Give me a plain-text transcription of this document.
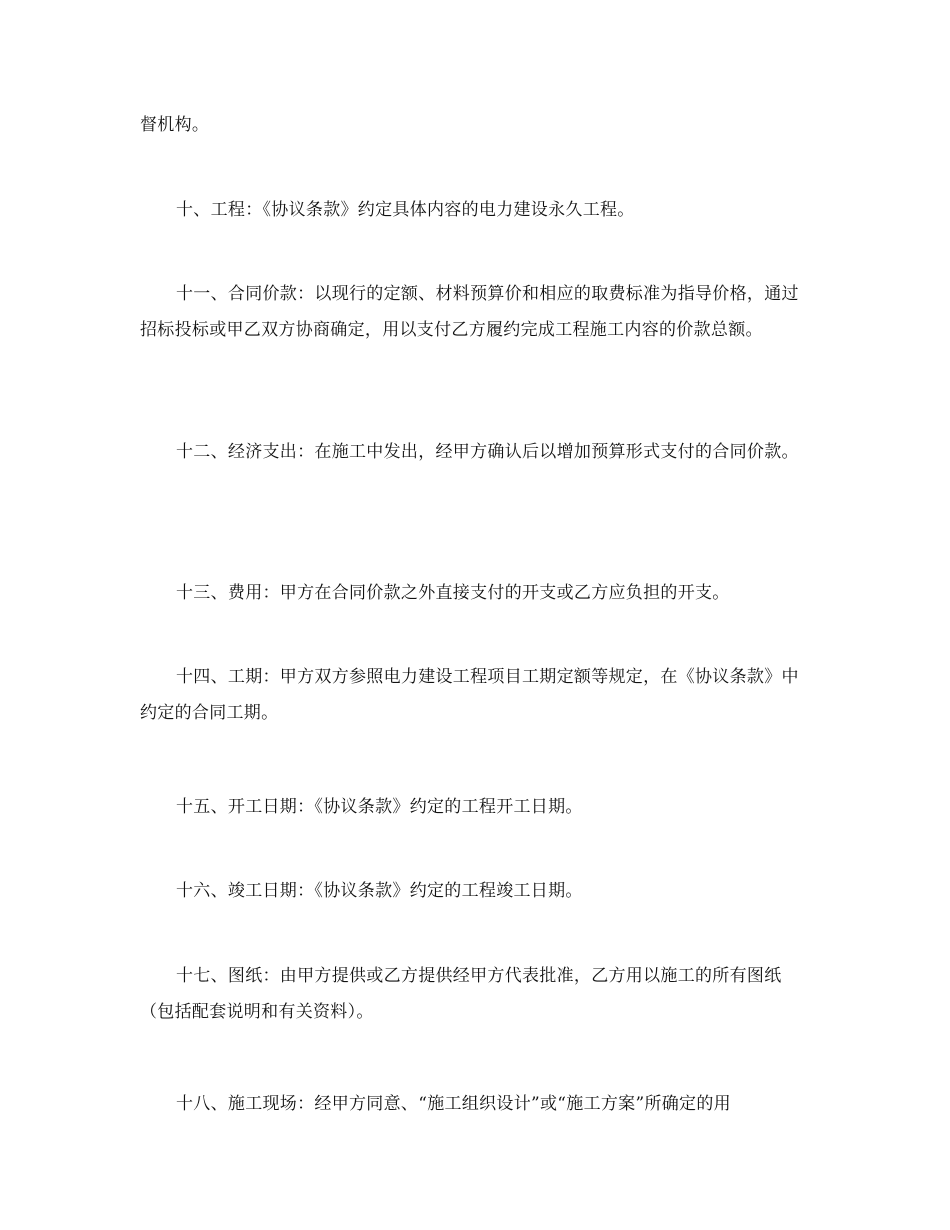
督机构。

十、工程：《协议条款》约定具体内容的电力建设永久工程。

十一、合同价款：以现行的定额、材料预算价和相应的取费标准为指导价格，通过招标投标或甲乙双方协商确定，用以支付乙方履约完成工程施工内容的价款总额。

十二、经济支出：在施工中发出，经甲方确认后以增加预算形式支付的合同价款。

十三、费用：甲方在合同价款之外直接支付的开支或乙方应负担的开支。

十四、工期：甲方双方参照电力建设工程项目工期定额等规定，在《协议条款》中约定的合同工期。

十五、开工日期：《协议条款》约定的工程开工日期。

十六、竣工日期：《协议条款》约定的工程竣工日期。

十七、图纸：由甲方提供或乙方提供经甲方代表批准，乙方用以施工的所有图纸（包括配套说明和有关资料）。

十八、施工现场：经甲方同意、“施工组织设计”或“施工方案”所确定的用
